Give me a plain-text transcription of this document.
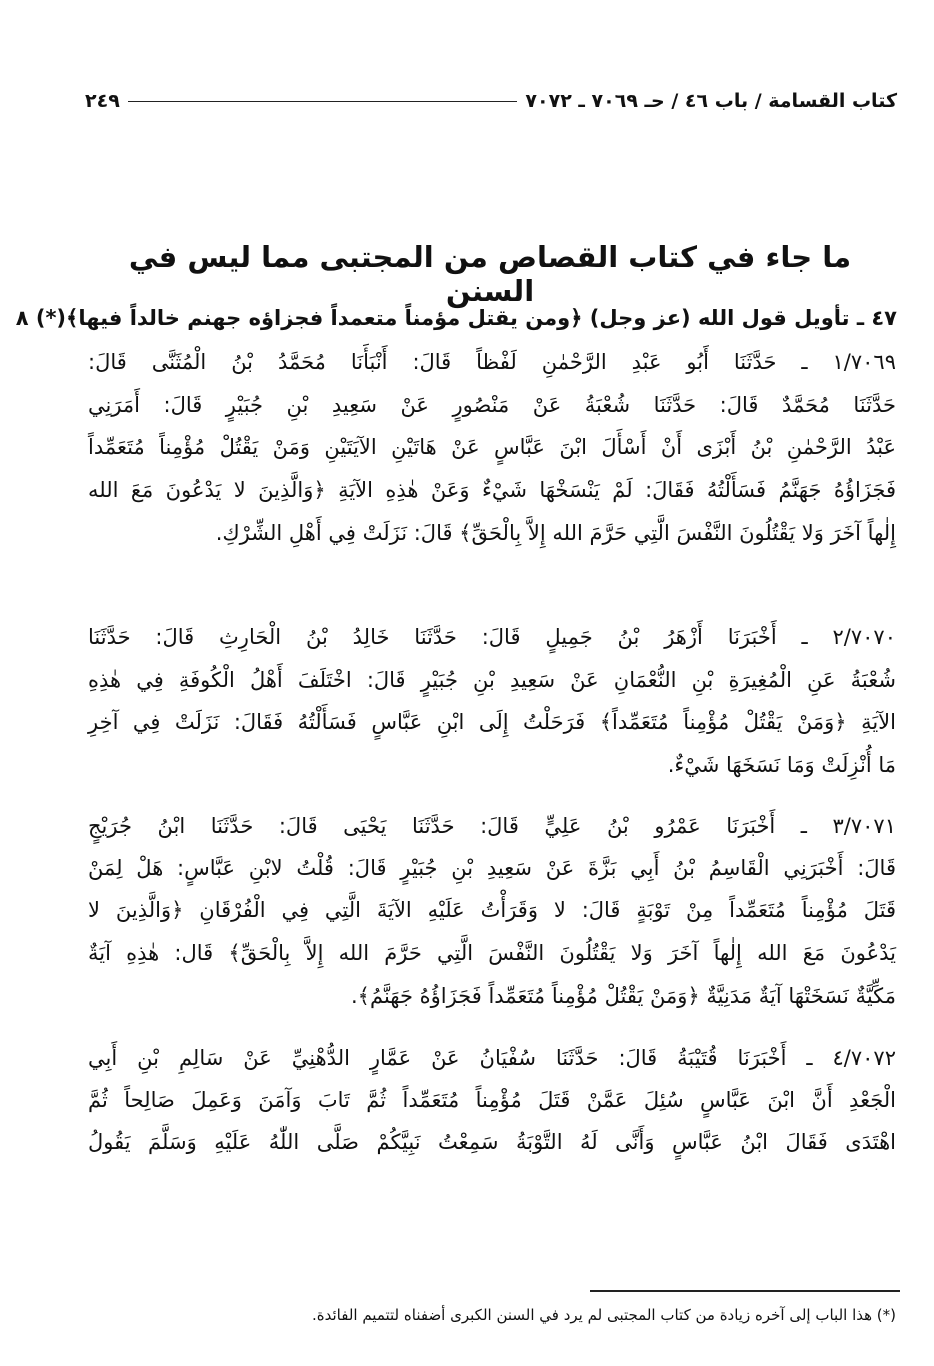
كتاب القسامة / باب ٤٦ / حـ ٧٠٦٩ ـ ٧٠٧٢
٢٤٩
ما جاء في كتاب القصاص من المجتبى مما ليس في السنن
٤٧ ـ تأويل قول الله (عز وجل) ﴿ومن يقتل مؤمناً متعمداً فجزاؤه جهنم خالداً فيها﴾(*) ٨
١/٧٠٦٩ ـ حَدَّثَنَا أَبُو عَبْدِ الرَّحْمٰنِ لَفْظاً قَالَ: أَنْبَأَنَا مُحَمَّدُ بْنُ الْمُثَنَّى قَالَ:
حَدَّثَنَا مُحَمَّدٌ قَالَ: حَدَّثَنَا شُعْبَةُ عَنْ مَنْصُورٍ عَنْ سَعِيدِ بْنِ جُبَيْرٍ قَالَ: أَمَرَنِي
عَبْدُ الرَّحْمٰنِ بْنُ أَبْزَى أَنْ أَسْأَلَ ابْنَ عَبَّاسٍ عَنْ هَاتَيْنِ الآيَتَيْنِ وَمَنْ يَقْتُلْ مُؤْمِناً مُتَعَمِّداً
فَجَزَاؤُهُ جَهَنَّمُ فَسَأَلْتُهُ فَقَالَ: لَمْ يَنْسَخْهَا شَيْءٌ وَعَنْ هٰذِهِ الآيَةِ ﴿وَالَّذِينَ لا يَدْعُونَ مَعَ الله
إِلٰهاً آخَرَ وَلا يَقْتُلُونَ النَّفْسَ الَّتِي حَرَّمَ الله إِلاَّ بِالْحَقِّ﴾ قَالَ: نَزَلَتْ فِي أَهْلِ الشِّرْكِ.
٢/٧٠٧٠ ـ أَخْبَرَنَا أَزْهَرُ بْنُ جَمِيلٍ قَالَ: حَدَّثَنَا خَالِدُ بْنُ الْحَارِثِ قَالَ: حَدَّثَنَا
شُعْبَةُ عَنِ الْمُغِيرَةِ بْنِ النُّعْمَانِ عَنْ سَعِيدِ بْنِ جُبَيْرٍ قَالَ: اخْتَلَفَ أَهْلُ الْكُوفَةِ فِي هٰذِهِ
الآيَةِ ﴿وَمَنْ يَقْتُلْ مُؤْمِناً مُتَعَمِّداً﴾ فَرَحَلْتُ إِلَى ابْنِ عَبَّاسٍ فَسَأَلْتُهُ فَقَالَ: نَزَلَتْ فِي آخِرِ
مَا أُنْزِلَتْ وَمَا نَسَخَهَا شَيْءٌ.
٣/٧٠٧١ ـ أَخْبَرَنَا عَمْرُو بْنُ عَلِيٍّ قَالَ: حَدَّثَنَا يَحْيَى قَالَ: حَدَّثَنَا ابْنُ جُرَيْجٍ
قَالَ: أَخْبَرَنِي الْقَاسِمُ بْنُ أَبِي بَزَّةَ عَنْ سَعِيدِ بْنِ جُبَيْرٍ قَالَ: قُلْتُ لابْنِ عَبَّاسٍ: هَلْ لِمَنْ
قَتَلَ مُؤْمِناً مُتَعَمِّداً مِنْ تَوْبَةٍ قَالَ: لا وَقَرَأْتُ عَلَيْهِ الآيَةَ الَّتِي فِي الْفُرْقَانِ ﴿وَالَّذِينَ لا
يَدْعُونَ مَعَ الله إِلٰهاً آخَرَ وَلا يَقْتُلُونَ النَّفْسَ الَّتِي حَرَّمَ الله إِلاَّ بِالْحَقِّ﴾ قَال: هٰذِهِ آيَةٌ
مَكِّيَّةٌ نَسَخَتْهَا آيَةٌ مَدَنِيَّةٌ ﴿وَمَنْ يَقْتُلْ مُؤْمِناً مُتَعَمِّداً فَجَزَاؤُهُ جَهَنَّمُ﴾.
٤/٧٠٧٢ ـ أَخْبَرَنَا قُتَيْبَةُ قَالَ: حَدَّثَنَا سُفْيَانُ عَنْ عَمَّارٍ الدُّهْنِيِّ عَنْ سَالِمِ بْنِ أَبِي
الْجَعْدِ أَنَّ ابْنَ عَبَّاسٍ سُئِلَ عَمَّنْ قَتَلَ مُؤْمِناً مُتَعَمِّداً ثُمَّ تَابَ وَآمَنَ وَعَمِلَ صَالِحاً ثُمَّ
اهْتَدَى فَقَالَ ابْنُ عَبَّاسٍ وَأَنَّى لَهُ التَّوْبَةُ سَمِعْتُ نَبِيَّكُمْ صَلَّى اللّٰهُ عَلَيْهِ وَسَلَّمَ يَقُولُ
(*) هذا الباب إلى آخره زيادة من كتاب المجتبى لم يرد في السنن الكبرى أضفناه لتتميم الفائدة.
